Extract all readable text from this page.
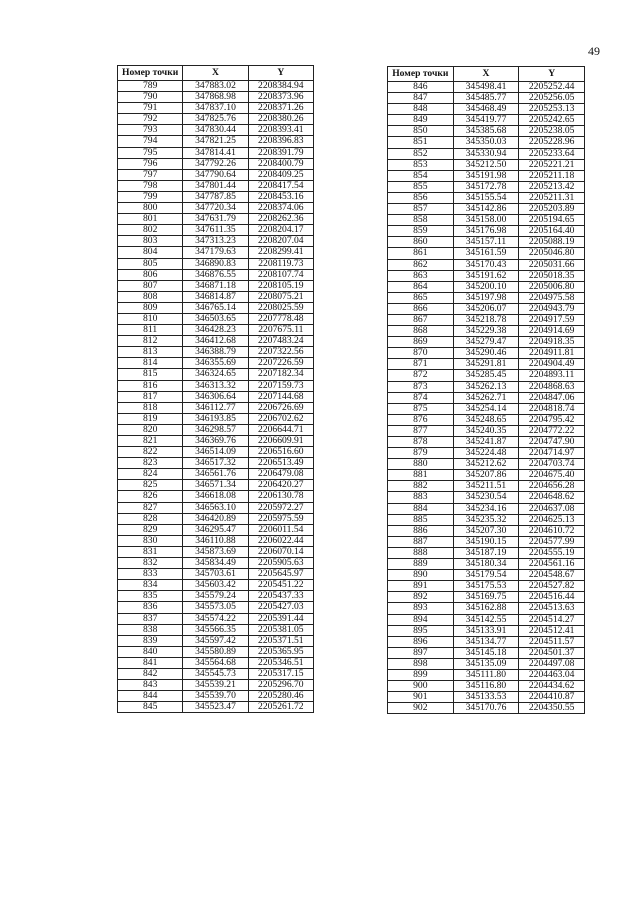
49
Номер точки	X	Y
789	347883.02	2208384.94
790	347868.98	2208373.96
791	347837.10	2208371.26
792	347825.76	2208380.26
793	347830.44	2208393.41
794	347821.25	2208396.83
795	347814.41	2208391.79
796	347792.26	2208400.79
797	347790.64	2208409.25
798	347801.44	2208417.54
799	347787.85	2208453.16
800	347720.34	2208374.06
801	347631.79	2208262.36
802	347611.35	2208204.17
803	347313.23	2208207.04
804	347179.63	2208299.41
805	346890.83	2208119.73
806	346876.55	2208107.74
807	346871.18	2208105.19
808	346814.87	2208075.21
809	346765.14	2208025.59
810	346503.65	2207778.48
811	346428.23	2207675.11
812	346412.68	2207483.24
813	346388.79	2207322.56
814	346355.69	2207226.59
815	346324.65	2207182.34
816	346313.32	2207159.73
817	346306.64	2207144.68
818	346112.77	2206726.69
819	346193.85	2206702.62
820	346298.57	2206644.71
821	346369.76	2206609.91
822	346514.09	2206516.60
823	346517.32	2206513.49
824	346561.76	2206479.08
825	346571.34	2206420.27
826	346618.08	2206130.78
827	346563.10	2205972.27
828	346420.89	2205975.59
829	346295.47	2206011.54
830	346110.88	2206022.44
831	345873.69	2206070.14
832	345834.49	2205905.63
833	345703.61	2205645.97
834	345603.42	2205451.22
835	345579.24	2205437.33
836	345573.05	2205427.03
837	345574.22	2205391.44
838	345566.35	2205381.05
839	345597.42	2205371.51
840	345580.89	2205365.95
841	345564.68	2205346.51
842	345545.73	2205317.15
843	345539.21	2205296.70
844	345539.70	2205280.46
845	345523.47	2205261.72
Номер точки	X	Y
846	345498.41	2205252.44
847	345485.77	2205256.05
848	345468.49	2205253.13
849	345419.77	2205242.65
850	345385.68	2205238.05
851	345350.03	2205228.96
852	345330.94	2205233.64
853	345212.50	2205221.21
854	345191.98	2205211.18
855	345172.78	2205213.42
856	345155.54	2205211.31
857	345142.86	2205203.89
858	345158.00	2205194.65
859	345176.98	2205164.40
860	345157.11	2205088.19
861	345161.59	2205046.80
862	345170.43	2205031.66
863	345191.62	2205018.35
864	345200.10	2205006.80
865	345197.98	2204975.58
866	345206.07	2204943.79
867	345218.78	2204917.59
868	345229.38	2204914.69
869	345279.47	2204918.35
870	345290.46	2204911.81
871	345291.81	2204904.49
872	345285.45	2204893.11
873	345262.13	2204868.63
874	345262.71	2204847.06
875	345254.14	2204818.74
876	345248.65	2204795.42
877	345240.35	2204772.22
878	345241.87	2204747.90
879	345224.48	2204714.97
880	345212.62	2204703.74
881	345207.86	2204675.40
882	345211.51	2204656.28
883	345230.54	2204648.62
884	345234.16	2204637.08
885	345235.32	2204625.13
886	345207.30	2204610.72
887	345190.15	2204577.99
888	345187.19	2204555.19
889	345180.34	2204561.16
890	345179.54	2204548.67
891	345175.53	2204527.82
892	345169.75	2204516.44
893	345162.88	2204513.63
894	345142.55	2204514.27
895	345133.91	2204512.41
896	345134.77	2204511.57
897	345145.18	2204501.37
898	345135.09	2204497.08
899	345111.80	2204463.04
900	345116.80	2204434.62
901	345133.53	2204410.87
902	345170.76	2204350.55
